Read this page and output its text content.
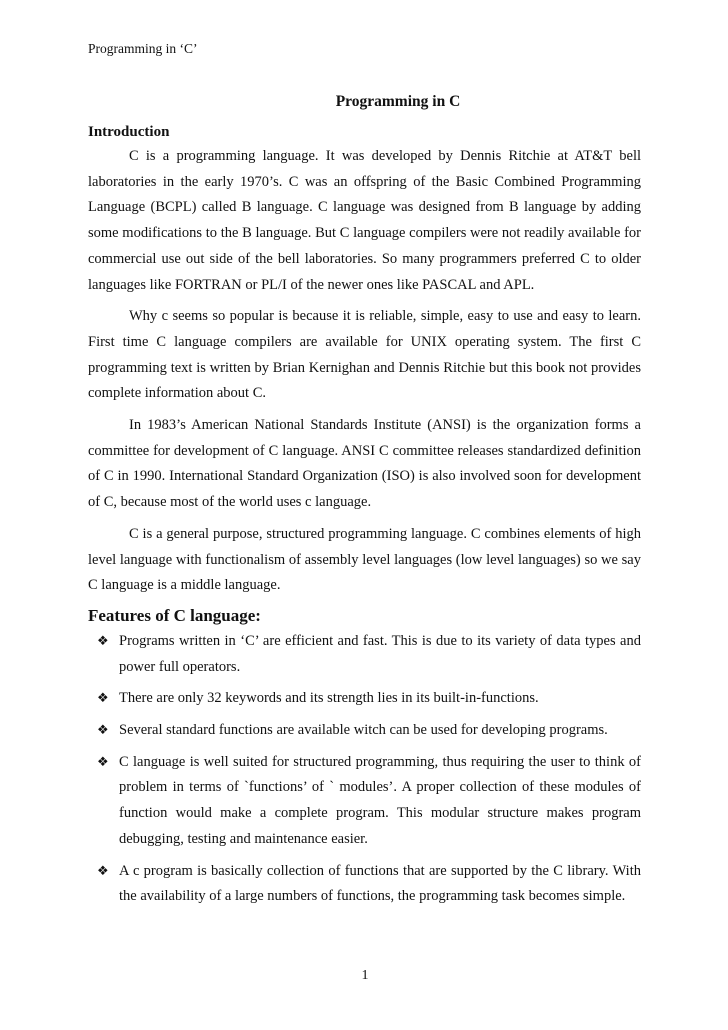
Programming in ‘C’
Programming in C
Introduction

C is a programming language. It was developed by Dennis Ritchie at AT&T bell laboratories in the early 1970’s. C was an offspring of the Basic Combined Programming Language (BCPL) called B language. C language was designed from B language by adding some modifications to the B language. But C language compilers were not readily available for commercial use out side of the bell laboratories. So many programmers preferred C to older languages like FORTRAN or PL/I of the newer ones like PASCAL and APL.

Why c seems so popular is because it is reliable, simple, easy to use and easy to learn. First time C language compilers are available for UNIX operating system. The first C programming text is written by Brian Kernighan and Dennis Ritchie but this book not provides complete information about C.

In 1983’s American National Standards Institute (ANSI) is the organization forms a committee for development of C language. ANSI C committee releases standardized definition of C in 1990. International Standard Organization (ISO) is also involved soon for development of C, because most of the world uses c language.

C is a general purpose, structured programming language. C combines elements of high level language with functionalism of assembly level languages (low level languages) so we say C language is a middle language.

Features of C language:
❖ Programs written in ‘C’ are efficient and fast. This is due to its variety of data types and power full operators.
❖ There are only 32 keywords and its strength lies in its built-in-functions.
❖ Several standard functions are available witch can be used for developing programs.
❖ C language is well suited for structured programming, thus requiring the user to think of problem in terms of `functions’ of ` modules’. A proper collection of these modules of function would make a complete program. This modular structure makes program debugging, testing and maintenance easier.
❖ A c program is basically collection of functions that are supported by the C library. With the availability of a large numbers of functions, the programming task becomes simple.
1
